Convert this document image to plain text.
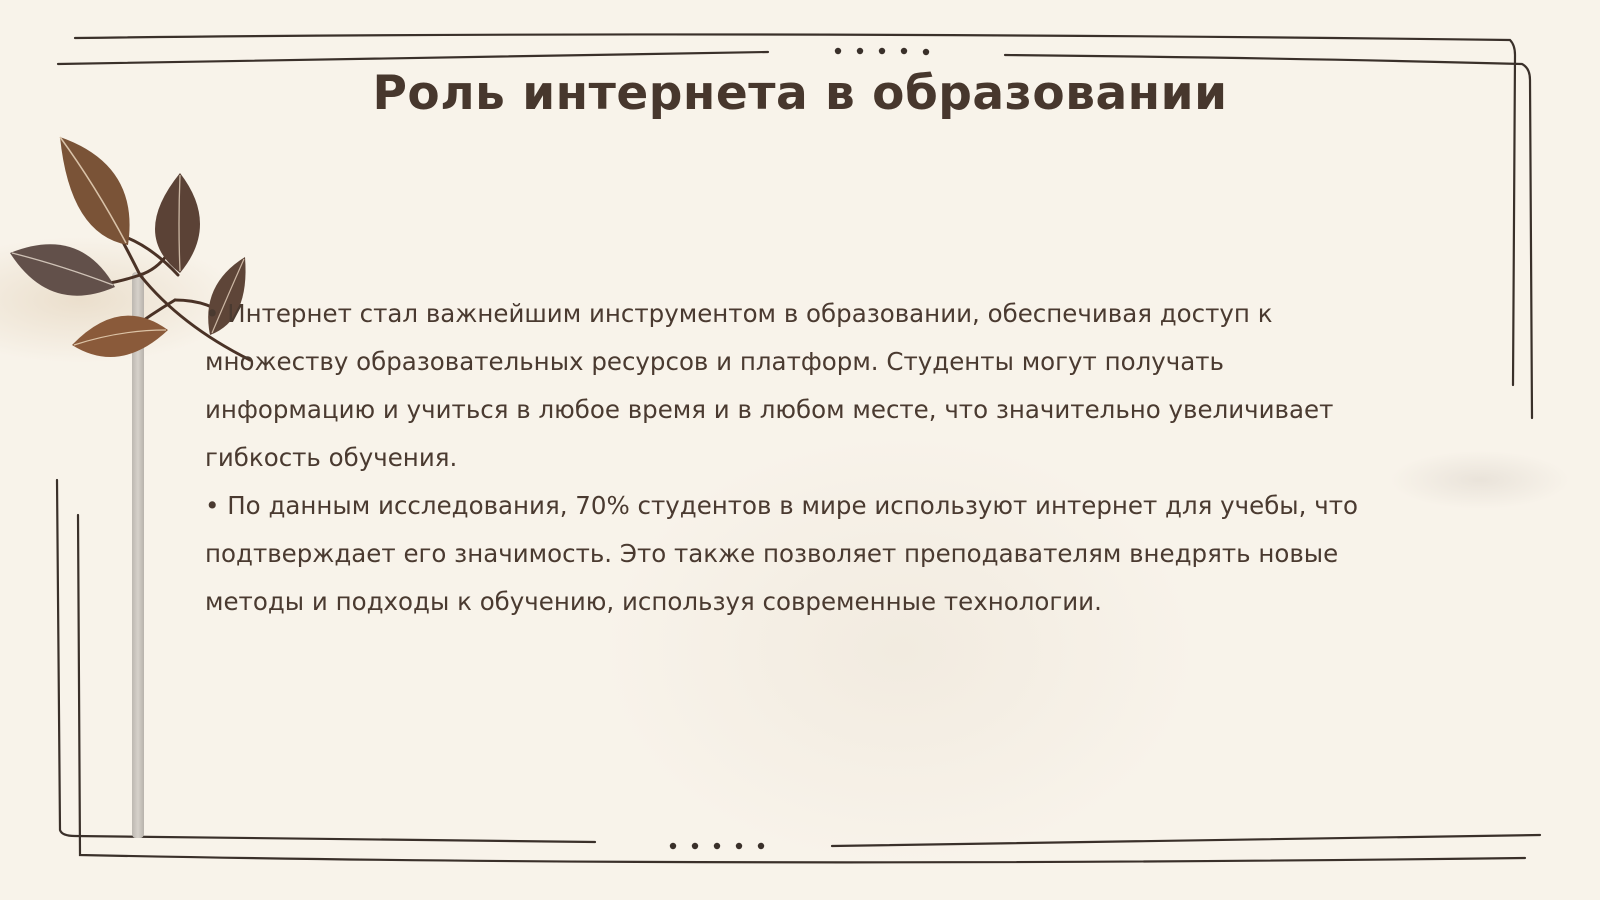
Роль интернета в образовании

• Интернет стал важнейшим инструментом в образовании, обеспечивая доступ к множеству образовательных ресурсов и платформ. Студенты могут получать информацию и учиться в любое время и в любом месте, что значительно увеличивает гибкость обучения.

• По данным исследования, 70% студентов в мире используют интернет для учебы, что подтверждает его значимость. Это также позволяет преподавателям внедрять новые методы и подходы к обучению, используя современные технологии.
